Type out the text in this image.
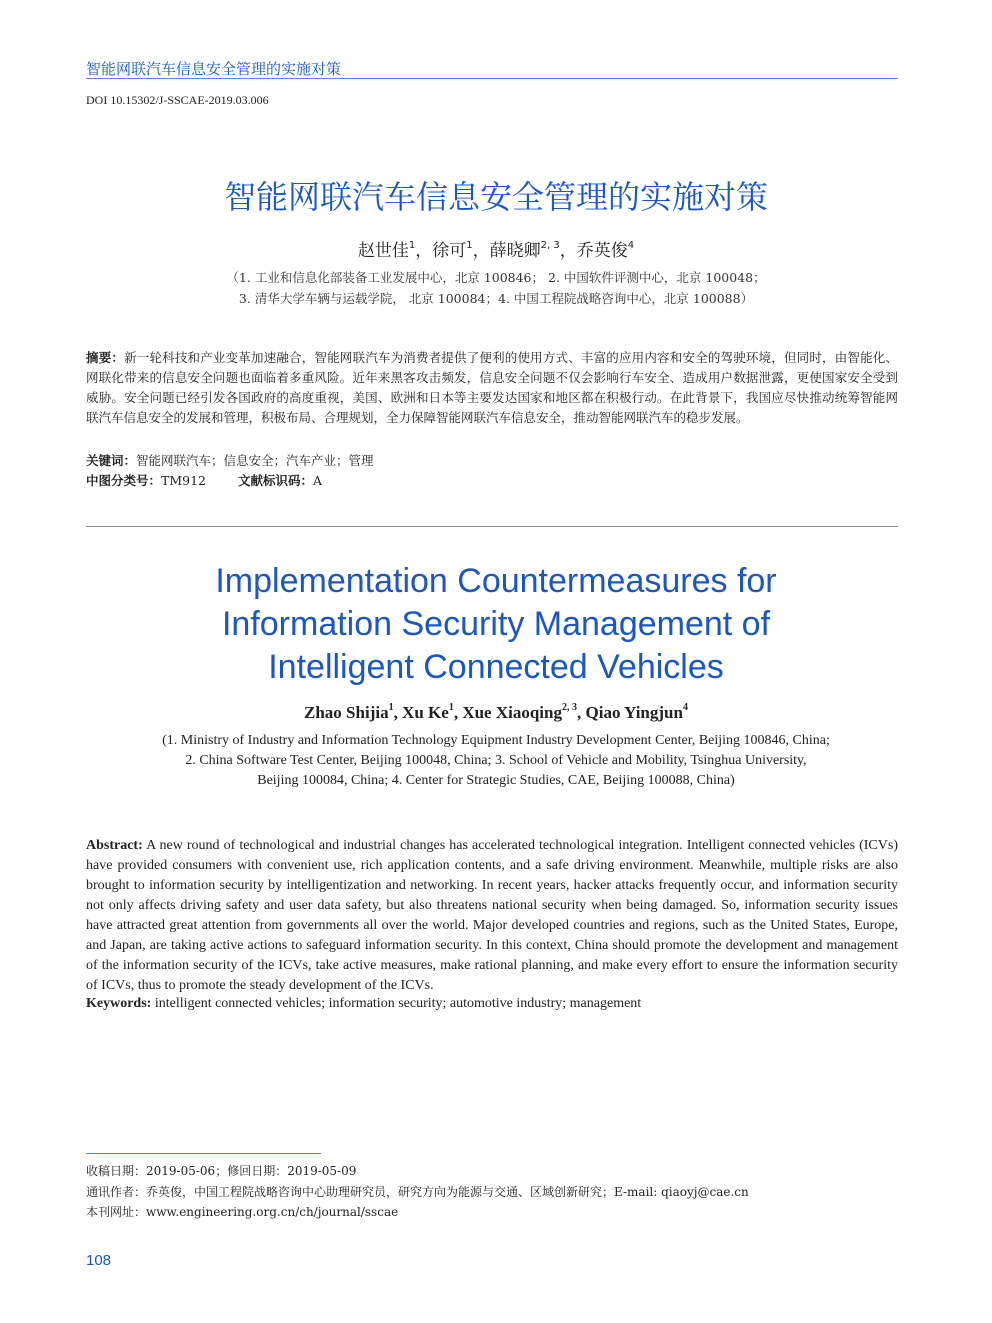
智能网联汽车信息安全管理的实施对策
DOI 10.15302/J-SSCAE-2019.03.006
智能网联汽车信息安全管理的实施对策
赵世佳$^1$，徐可$^1$，薛晓卿$^{2, 3}$，乔英俊$^4$
（1. 工业和信息化部装备工业发展中心，北京 100846； 2. 中国软件评测中心，北京 100048；
3. 清华大学车辆与运载学院， 北京 100084；4. 中国工程院战略咨询中心，北京 100088）
摘要：新一轮科技和产业变革加速融合，智能网联汽车为消费者提供了便利的使用方式、丰富的应用内容和安全的驾驶环境，但同时，由智能化、网联化带来的信息安全问题也面临着多重风险。近年来黑客攻击频发，信息安全问题不仅会影响行车安全、造成用户数据泄露，更使国家安全受到威胁。安全问题已经引发各国政府的高度重视，美国、欧洲和日本等主要发达国家和地区都在积极行动。在此背景下，我国应尽快推动统筹智能网联汽车信息安全的发展和管理，积极布局、合理规划，全力保障智能网联汽车信息安全，推动智能网联汽车的稳步发展。
关键词：智能网联汽车；信息安全；汽车产业；管理
中图分类号：TM912	文献标识码：A
Implementation Countermeasures for
Information Security Management of
Intelligent Connected Vehicles
Zhao Shijia$^1$, Xu Ke$^1$, Xue Xiaoqing$^{2, 3}$, Qiao Yingjun$^4$
(1. Ministry of Industry and Information Technology Equipment Industry Development Center, Beijing 100846, China;
2. China Software Test Center, Beijing 100048, China; 3. School of Vehicle and Mobility, Tsinghua University,
Beijing 100084, China; 4. Center for Strategic Studies, CAE, Beijing 100088, China)
Abstract: A new round of technological and industrial changes has accelerated technological integration. Intelligent connected vehicles (ICVs) have provided consumers with convenient use, rich application contents, and a safe driving environment. Meanwhile, multiple risks are also brought to information security by intelligentization and networking. In recent years, hacker attacks frequently occur, and information security not only affects driving safety and user data safety, but also threatens national security when being damaged. So, information security issues have attracted great attention from governments all over the world. Major developed countries and regions, such as the United States, Europe, and Japan, are taking active actions to safeguard information security. In this context, China should promote the development and management of the information security of the ICVs, take active measures, make rational planning, and make every effort to ensure the information security of ICVs, thus to promote the steady development of the ICVs.
Keywords: intelligent connected vehicles; information security; automotive industry; management
收稿日期：2019-05-06；修回日期：2019-05-09
通讯作者：乔英俊，中国工程院战略咨询中心助理研究员，研究方向为能源与交通、区域创新研究；E-mail: qiaoyj@cae.cn
本刊网址：www.engineering.org.cn/ch/journal/sscae
108
